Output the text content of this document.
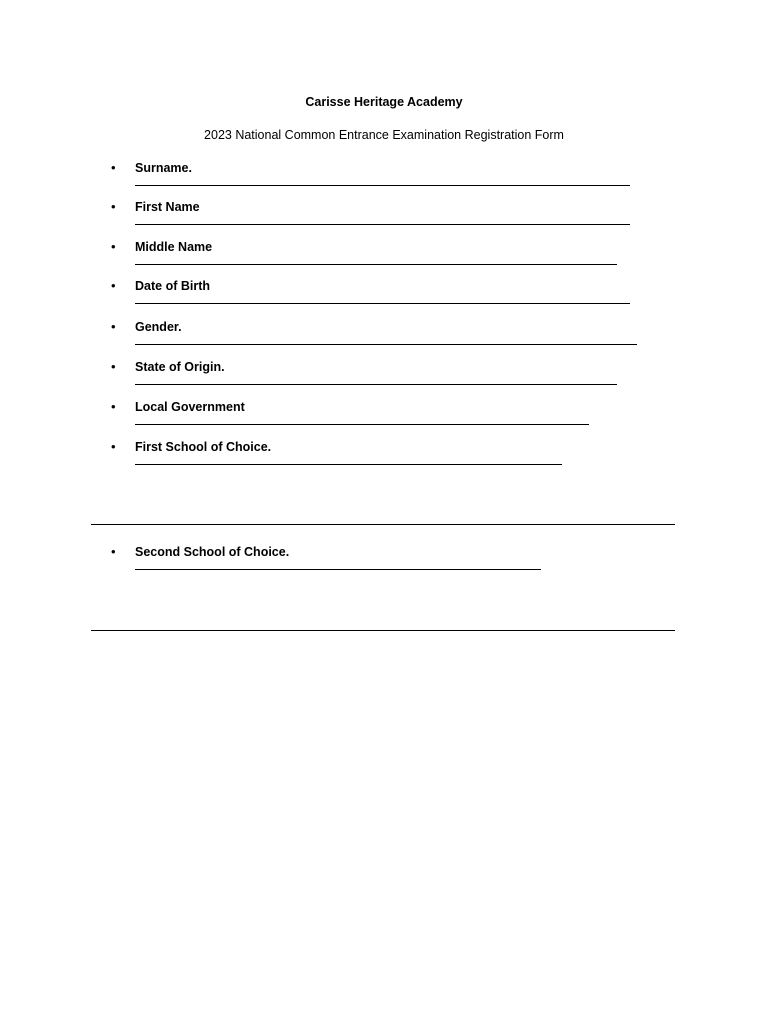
Carisse Heritage Academy
2023 National Common Entrance Examination Registration Form
• Surname.
• First Name
• Middle Name
• Date of Birth
• Gender.
• State of Origin.
• Local Government
• First School of Choice.
• Second School of Choice.
